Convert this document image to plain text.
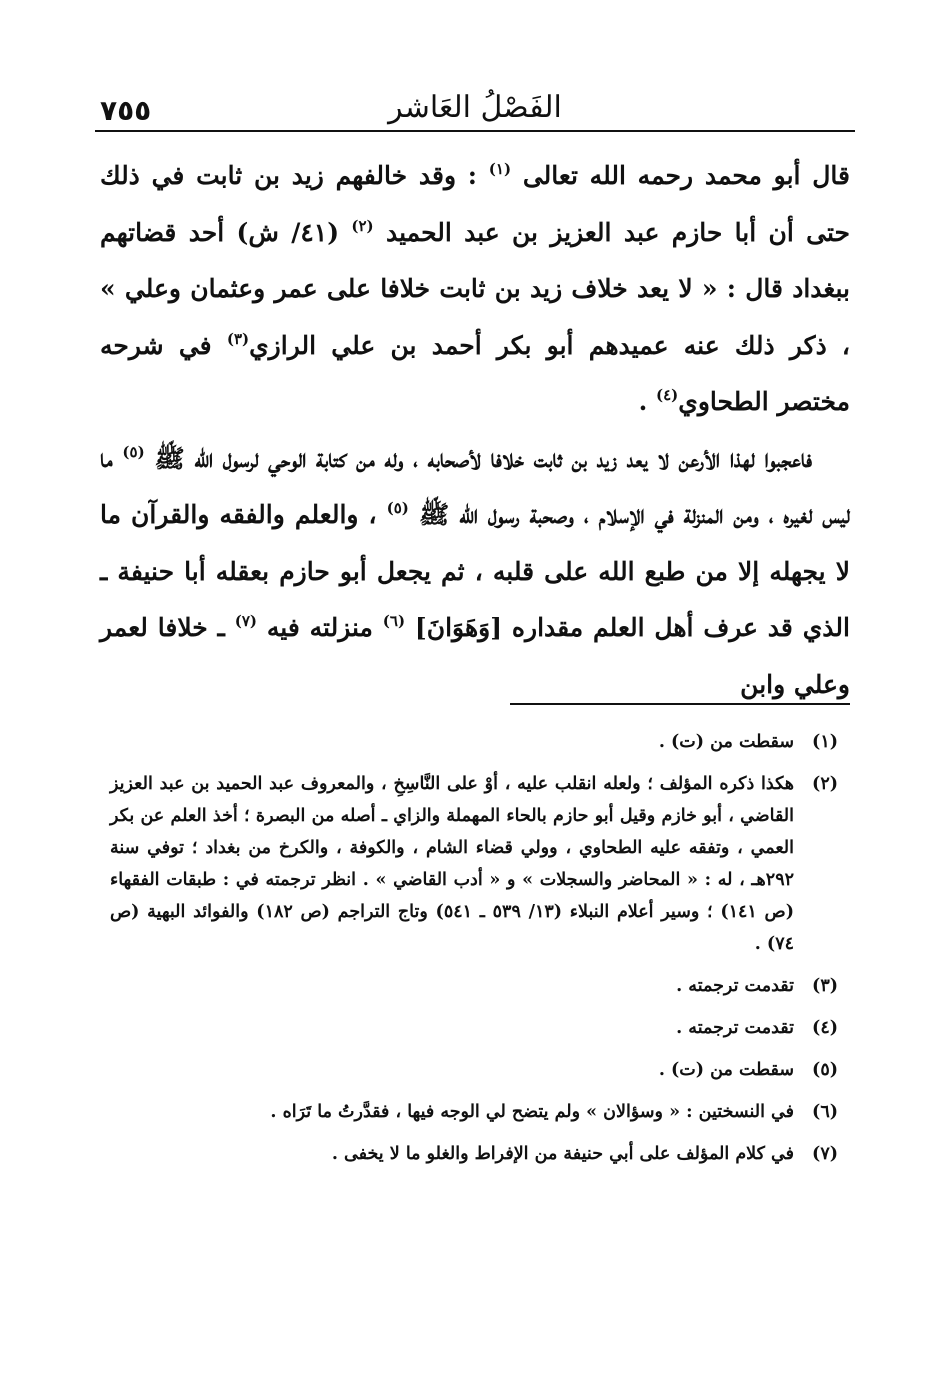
٧٥٥	الفَصْلُ العَاشر

قال أبو محمد رحمه الله تعالى $^{(١)}$ : وقد خالفهم زيد بن ثابت في ذلك حتى أن أبا حازم عبد العزيز بن عبد الحميد $^{(٢)}$ (٤١/ ش) أحد قضاتهم ببغداد قال : « لا يعد خلاف زيد بن ثابت خلافا على عمر وعثمان وعلي » ، ذكر ذلك عنه عميدهم أبو بكر أحمد بن علي الرازي$^{(٣)}$ في شرحه مختصر الطحاوي$^{(٤)}$ .

فاعجبوا لهذا الأرعن لا يعد زيد بن ثابت خلافا لأصحابه ، وله من كتابة الوحي لرسول الله ﷺ $^{(٥)}$ ما ليس لغيره ، ومن المنزلة في الإسلام ، وصحبة رسول الله ﷺ $^{(٥)}$ ، والعلم والفقه والقرآن ما لا يجهله إلا من طبع الله على قلبه ، ثم يجعل أبو حازم بعقله أبا حنيفة ـ الذي قد عرف أهل العلم مقداره [وَهَوَانَ] $^{(٦)}$ منزلته فيه $^{(٧)}$ ـ خلافا لعمر وعلي وابن

(١)
سقطت من (ت) .
(٢)
هكذا ذكره المؤلف ؛ ولعله انقلب عليه ، أوْ على النَّاسِخِ ، والمعروف عبد الحميد بن عبد العزيز القاضي ، أبو خازم وقيل أبو حازم بالحاء المهملة والزاي ـ أصله من البصرة ؛ أخذ العلم عن بكر العمي ، وتفقه عليه الطحاوي ، وولي قضاء الشام ، والكوفة ، والكرخ من بغداد ؛ توفي سنة ٢٩٢هـ ، له : « المحاضر والسجلات » و « أدب القاضي » . انظر ترجمته في : طبقات الفقهاء (ص ١٤١) ؛ وسير أعلام النبلاء (١٣/ ٥٣٩ ـ ٥٤١) وتاج التراجم (ص ١٨٢) والفوائد البهية (ص ٧٤) .
(٣)
تقدمت ترجمته .
(٤)
تقدمت ترجمته .
(٥)
سقطت من (ت) .
(٦)
في النسختين : « وسؤالان » ولم يتضح لي الوجه فيها ، فقدَّرتُ ما تَرَاه .
(٧)
في كلام المؤلف على أبي حنيفة من الإفراط والغلو ما لا يخفى .
